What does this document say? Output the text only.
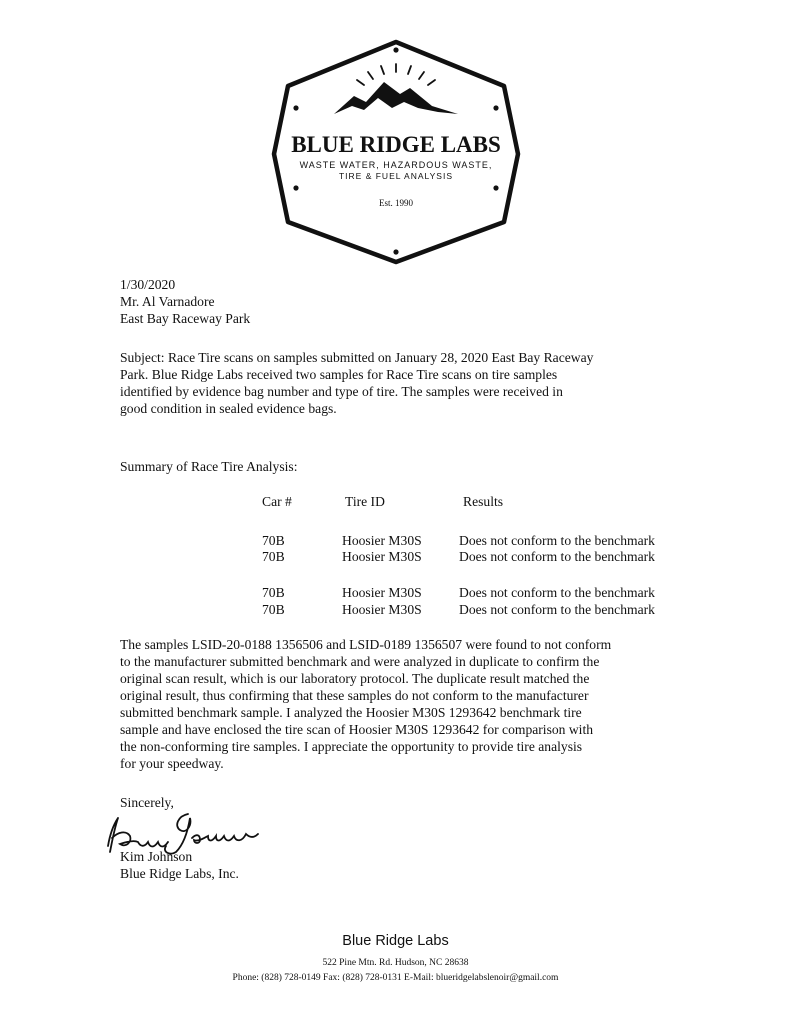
BLUE RIDGE LABS
WASTE WATER, HAZARDOUS WASTE,
TIRE & FUEL ANALYSIS
Est. 1990
1/30/2020
Mr. Al Varnadore
East Bay Raceway Park
Subject: Race Tire scans on samples submitted on January 28, 2020 East Bay Raceway
Park. Blue Ridge Labs received two samples for Race Tire scans on tire samples
identified by evidence bag number and type of tire. The samples were received in
good condition in sealed evidence bags.
Summary of Race Tire Analysis:
Car #	Tire ID	Results
70B	Hoosier M30S	Does not conform to the benchmark
70B	Hoosier M30S	Does not conform to the benchmark
70B	Hoosier M30S	Does not conform to the benchmark
70B	Hoosier M30S	Does not conform to the benchmark
The samples LSID-20-0188 1356506 and LSID-0189 1356507 were found to not conform
to the manufacturer submitted benchmark and were analyzed in duplicate to confirm the
original scan result, which is our laboratory protocol. The duplicate result matched the
original result, thus confirming that these samples do not conform to the manufacturer
submitted benchmark sample. I analyzed the Hoosier M30S 1293642 benchmark tire
sample and have enclosed the tire scan of Hoosier M30S 1293642 for comparison with
the non-conforming tire samples. I appreciate the opportunity to provide tire analysis
for your speedway.
Sincerely,
Kim Johnson
Blue Ridge Labs, Inc.
Blue Ridge Labs
522 Pine Mtn. Rd. Hudson, NC 28638
Phone: (828) 728-0149 Fax: (828) 728-0131 E-Mail: blueridgelabslenoir@gmail.com
